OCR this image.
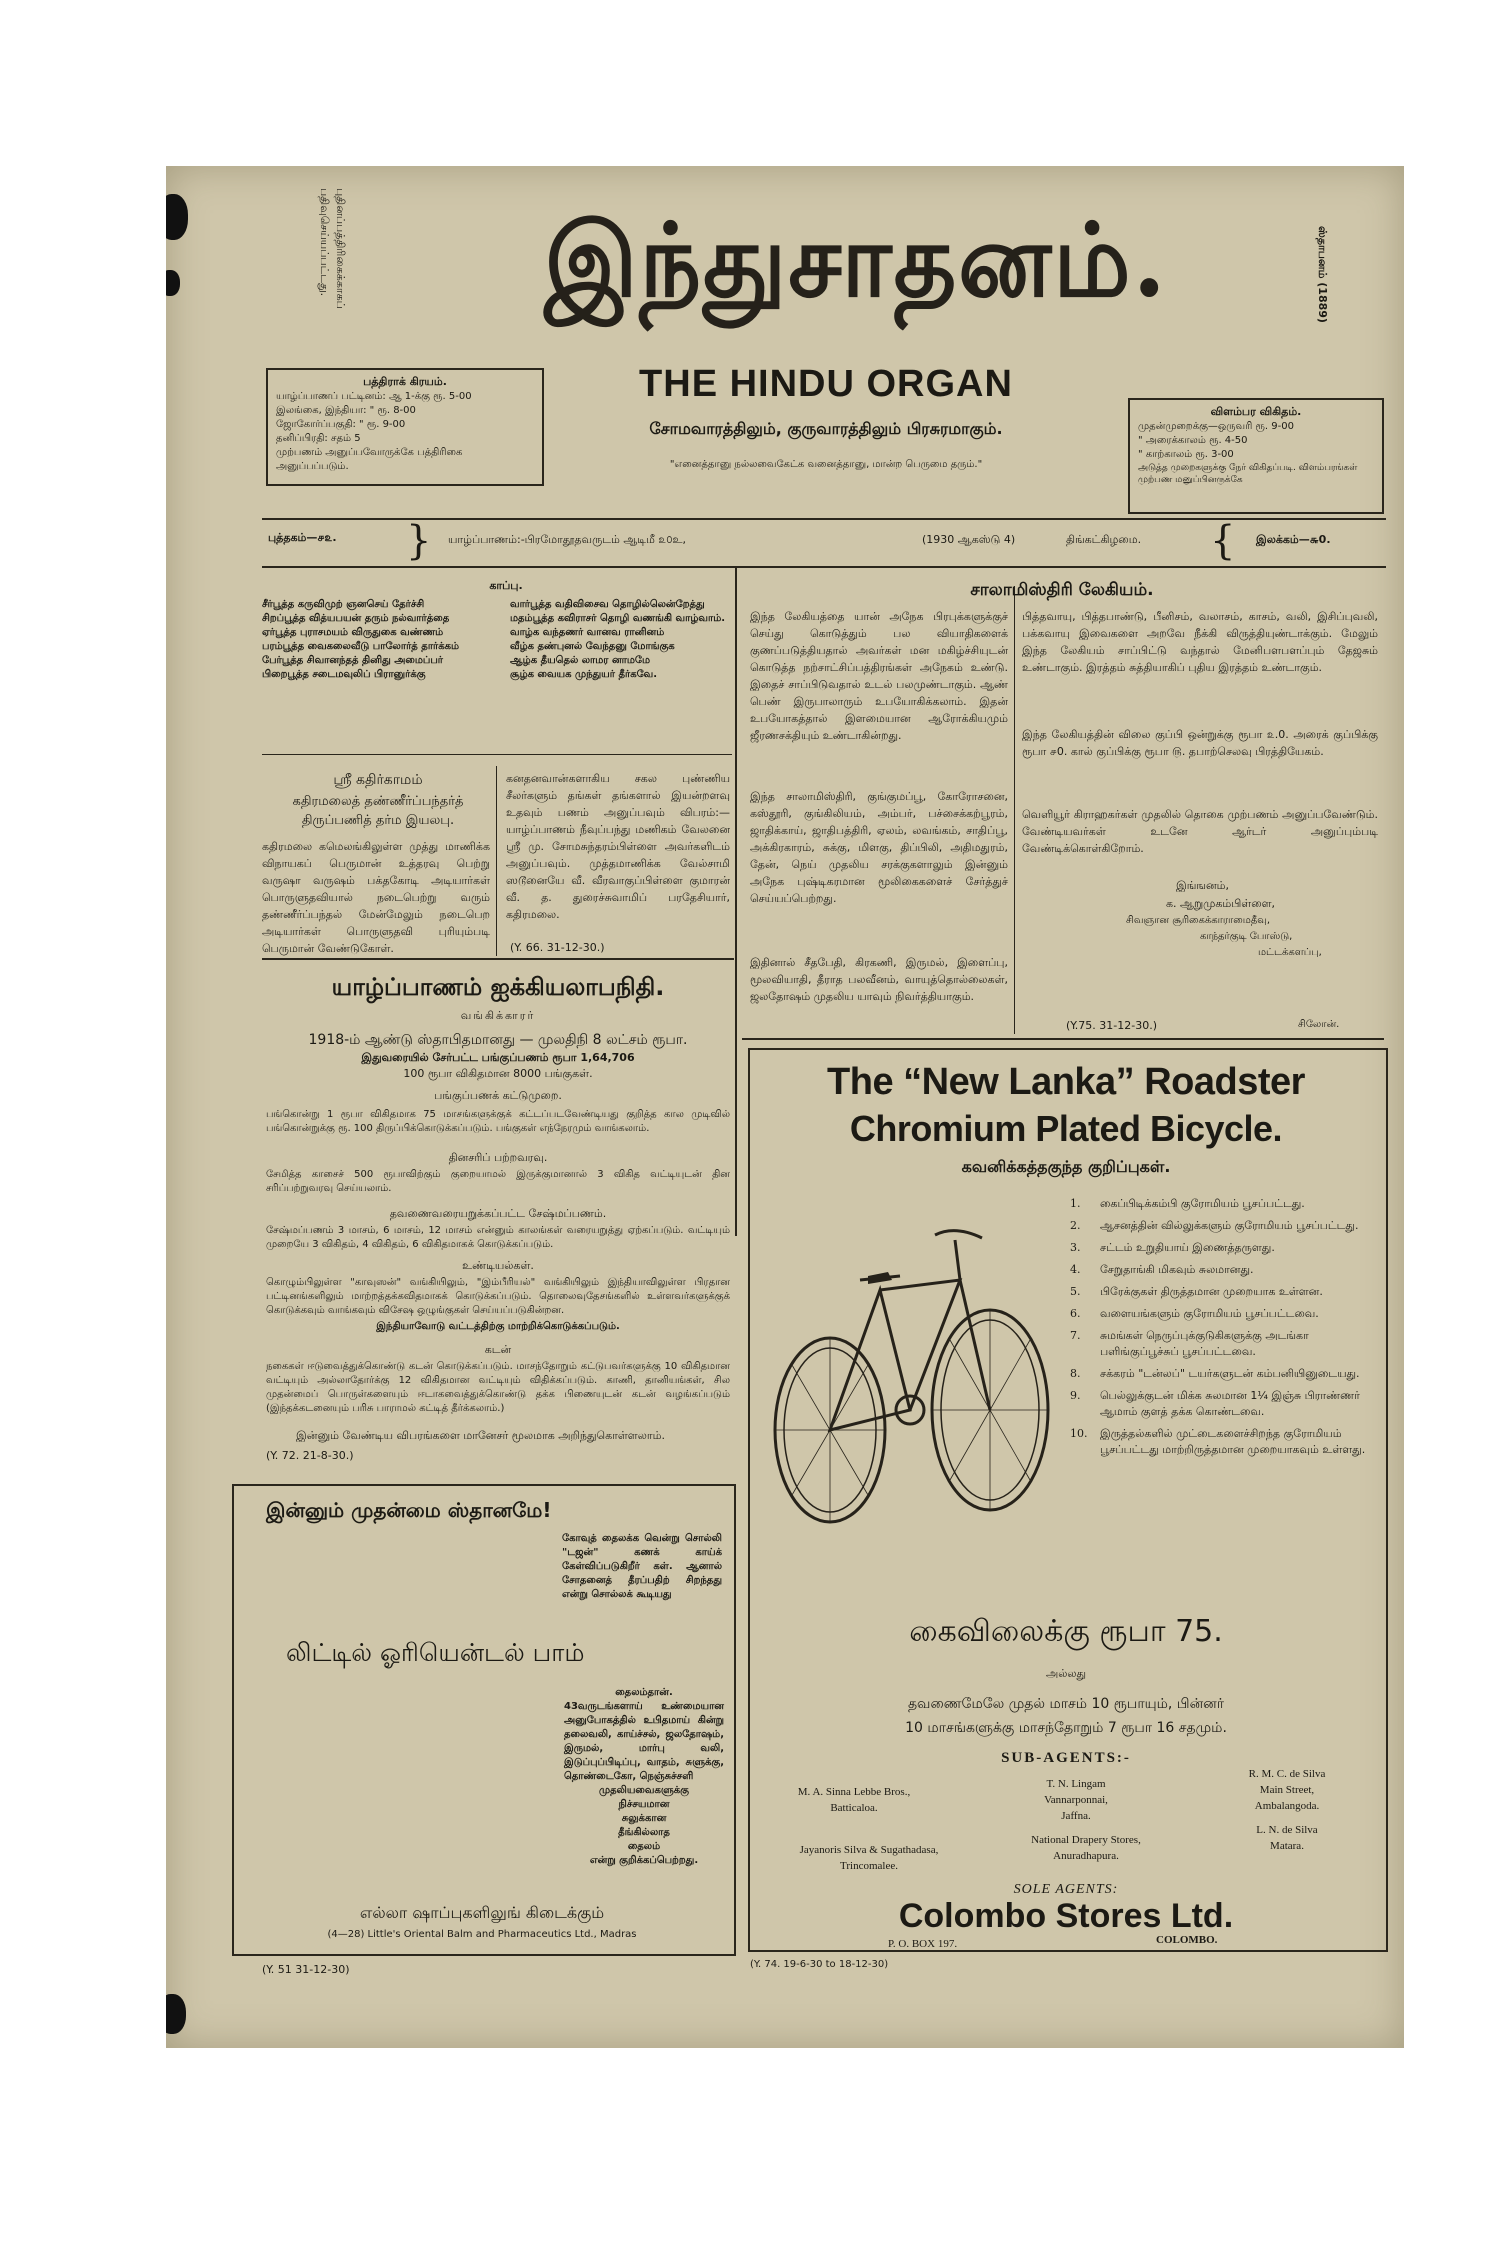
புதினப்பத்திரிகைக்காகப்
பதிவுசெய்யப்பட்டது.	ஸ்தாபனம் (1889)
இந்துசாதனம்.
THE HINDU ORGAN
சோமவாரத்திலும், குருவாரத்திலும் பிரசுரமாகும்.
"எனைத்தானு நல்லவைகேட்க வனைத்தானு, மான்ற பெருமை தரும்."
பத்திராக் கிரயம்.
யாழ்ப்பாணப் பட்டினம்: ஆ 1-க்கு ரூ. 5-00
இலங்கை, இந்தியா: " ரூ. 8-00
ஜோகோர்ப்பகுதி: " ரூ. 9-00
தனிப்பிரதி: சதம் 5
முற்பணம் அனுப்பவோருக்கே பத்திரிகை அனுப்பப்படும்.
விளம்பர விகிதம்.
முதன்முறைக்கு—ஒருவரி ரூ. 9-00
" அரைக்காலம் ரூ. 4-50
" காற்காலம் ரூ. 3-00
அடுத்த முறைகளுக்கு நேர் விகிதப்படி. விளம்பரங்கள் முற்பண மனுப்பினருக்கே
புத்தகம்—௪௨. } யாழ்ப்பாணம்:-பிரமோதூதவருடம் ஆடிமீ ௨௦உ,	(1930 ஆகஸ்டு 4)	திங்கட்கிழமை. { இலக்கம்—௬0.
காப்பு.
சீர்பூத்த கருவிமுற் ஞனசெய் தேர்ச்சி
சிறப்பூத்த வித்யபயன் தரும் நல்வார்த்தை
ஏர்பூத்த புராசமயம் விருதுகை வண்ணம்
பரம்பூத்த வைகலைவீடு பாலோர்த் தார்க்கம்
பேர்பூத்த சிவானந்தத் தினிது அமைப்பர்
பிறைபூத்த சடைமவுலிப் பிரானுர்க்கு
வார்பூத்த வதிவிசைவ தொழில்லென்றேத்து
மதம்பூத்த கவிராசர் தொழி வணங்கி வாழ்வாம்.
வாழ்க வந்தணர் வானவ ரானினம்
வீழ்க தண்புனல் வேந்தனு மோங்குக
ஆழ்க தீயதெல் லாமர னாமமே
சூழ்க வையக முந்துயர் தீர்கவே.
ஸ்ரீ கதிர்காமம்
கதிரமலைத் தண்ணீர்ப்பந்தர்த் திருப்பணித் தர்ம இயலபு.
கதிரமலை கமெலங்கிலுள்ள முத்து மாணிக்க விநாயகப் பெருமான் உத்தரவு பெற்று வருஷா வருஷம் பக்தகோடி அடியார்கள் பொருளுதவியால் நடைபெற்று வரும் தண்ணீர்ப்பந்தல் மேன்மேலும் நடைபெற அடியார்கள் பொருளுதவி புரியும்படி பெருமான் வேண்டுகோள்.
கனதனவான்களாகிய சகல புண்ணிய சீலர்களும் தங்கள் தங்களால் இயன்றளவு உதவும் பணம் அனுப்பவும் விபரம்:— யாழ்ப்பாணம் நீவுப்பந்து மணிகம் வேலனை ஸ்ரீ மு. சோமசுந்தரம்பிள்ளை அவர்களிடம் அனுப்பவும். முத்தமாணிக்க வேல்சாமி ஸடூனையே வீ. வீரவாகுப்பிள்ளை குமாரன் வீ. த. துரைச்சுவாமிப் பரதேசியார், கதிரமலை.
(Y. 66. 31-12-30.)
யாழ்ப்பாணம் ஐக்கியலாபநிதி.
வங்கிக்காரர்
1918-ம் ஆண்டு ஸ்தாபிதமானது — முலதிநி 8 லட்சம் ரூபா.
இதுவரையில் சேர்பட்ட பங்குப்பணம் ரூபா 1,64,706
100 ரூபா விகிதமான 8000 பங்குகள்.
பங்குப்பணக் கட்டுமுறை.
பங்கொன்று 1 ரூபா விகிதமாக 75 மாசங்களுக்குக் கட்டப்படவேண்டியது குறித்த கால முடிவில் பங்கொன்றுக்கு ரூ. 100 திருப்பிக்கொடுக்கப்படும். பங்குகள் எந்நேரமும் வாங்கலாம்.
தினசரிப் பற்றவரவு.
சேமித்த காசைச் 500 ரூபாவிற்கும் குறையாமல் இருக்குமானால் 3 விகித வட்டியுடன் தின சரிப்பற்றுவரவு செய்யலாம்.
தவணைவரையறுக்கப்பட்ட சேஷ்மப்பணம்.
சேஷ்மப்பணம் 3 மாசம், 6 மாசம், 12 மாசம் என்னும் காலங்கள் வரையறுத்து ஏற்கப்படும். வட்டியும் முறையே 3 விகிதம், 4 விகிதம், 6 விகிதமாகக் கொடுக்கப்படும்.
உண்டியல்கள்.
கொழும்பிலுள்ள "காவுஸன்" வங்கியிலும், "இம்பீரியல்" வங்கியிலும் இந்தியாவிலுள்ள பிரதான பட்டினங்களிலும் மாற்றத்தக்கவிதமாகக் கொடுக்கப்படும். தொலைவுதேசங்களில் உள்ளவர்களுக்குக் கொடுக்கவும் வாங்கவும் விசேஷ ஒழுங்குகள் செய்யப்படுகின்றன.
இந்தியாவோடு வட்டத்திற்கு மாற்றிக்கொடுக்கப்படும்.
கடன்
நகைகள் ஈடுவைத்துக்கொண்டு கடன் கொடுக்கப்படும். மாசந்தோறும் கட்டுபவர்களுக்கு 10 விகிதமான வட்டியும் அல்லாதோர்க்கு 12 விகிதமான வட்டியும் விதிக்கப்படும். காணி, தானியங்கள், சில முதன்மைப் பொருள்களையும் ஈடாகவைத்துக்கொண்டு தக்க பிணையுடன் கடன் வழங்கப்படும் (இந்தக்கடனையும் பரிசு பாராமல் கட்டித் தீர்க்கலாம்.)
இன்னும் வேண்டிய விபரங்களை மானேசர் மூலமாக அறிந்துகொள்ளலாம்.
(Y. 72. 21-8-30.)
இன்னும் முதன்மை ஸ்தானமே!
கோவுத் தைலக்க வென்று சொல்லி "டஜன்" கணக் காய்க் கேள்விப்படுகிறீர் கள். ஆனால் சோதனைத் தீரப்பதிற் சிறந்தது என்று சொல்லக் கூடியது
லிட்டில் ஓரியென்டல் பாம்
தைலம்தான்.
43வருடங்களாய் உண்மையான அனுபோகத்தில் உபிதமாய் கின்று தலைவலி, காய்ச்சல், ஜலதோஷம், இருமல், மார்பு வலி, இடுப்புப்பிடிப்பு, வாதம், சுளுக்கு, தொண்டைகோ, நெஞ்சுச்சளி
முதலியவைகளுக்கு
நிச்சயமான
சுலுக்கான
தீங்கில்லாத
தைலம்
என்று குறிக்கப்பெற்றது.
எல்லா ஷாப்புகளிலுங் கிடைக்கும்
(4—28) Little's Oriental Balm and Pharmaceutics Ltd., Madras
(Y. 51 31-12-30)
சாலாமிஸ்திரி லேகியம்.
இந்த லேகியத்தை யான் அநேக பிரபுக்களுக்குச் செய்து கொடுத்தும் பல வியாதிகளைக் குணப்படுத்தியதால் அவர்கள் மன மகிழ்ச்சியுடன் கொடுத்த நற்சாட்சிப்பத்திரங்கள் அநேகம் உண்டு. இதைச் சாப்பிடுவதால் உடல் பலமுண்டாகும். ஆண் பெண் இருபாலாரும் உபயோகிக்கலாம். இதன் உபயோகத்தால் இளமையான ஆரோக்கியமும் ஜீரணசக்தியும் உண்டாகின்றது.
இந்த சாலாமிஸ்திரி, குங்குமப்பூ, கோரோசனை, கஸ்தூரி, குங்கிலியம், அம்பர், பச்சைக்கற்பூரம், ஜாதிக்காய், ஜாதிபத்திரி, ஏலம், லவங்கம், சாதிப்பூ, அக்கிரகாரம், சுக்கு, மிளகு, திப்பிலி, அதிமதுரம், தேன், நெய் முதலிய சரக்குகளாலும் இன்னும் அநேக புஷ்டிகரமான மூலிகைகளைச் சேர்த்துச் செய்யப்பெற்றது.
இதினால் சீதபேதி, கிரகணி, இருமல், இளைப்பு, மூலவியாதி, தீராத பலவீனம், வாயுத்தொல்லைகள், ஜலதோஷம் முதலிய யாவும் நிவர்த்தியாகும்.
(Y.75. 31-12-30.)
பித்தவாயு, பித்தபாண்டு, பீனிசம், வலாசம், காசம், வலி, இசிப்புவலி, பக்கவாயு இவைகளை அறவே நீக்கி விருத்தியுண்டாக்கும். மேலும் இந்த லேகியம் சாப்பிட்டு வந்தால் மேனிபளபளப்பும் தேஜசும் உண்டாகும். இரத்தம் சுத்தியாகிப் புதிய இரத்தம் உண்டாகும்.
இந்த லேகியத்தின் விலை குப்பி ஒன்றுக்கு ரூபா ௨.0. அரைக் குப்பிக்கு ரூபா ௪0. கால் குப்பிக்கு ரூபா ௫. தபாற்செலவு பிரத்தியேகம்.
வெளியூர் கிராஹகர்கள் முதலில் தொகை முற்பணம் அனுப்பவேண்டும். வேண்டியவர்கள் உடனே ஆர்டர் அனுப்பும்படி வேண்டிக்கொள்கிறோம்.
இங்ஙனம்,
க. ஆறுமுகம்பிள்ளை,
சிவஞான சூரிகைக்காராமைதீவு,
காந்தர்குடி போஸ்டு,
மட்டக்களப்பு,
சிலோன்.
The “New Lanka” Roadster
Chromium Plated Bicycle.
கவனிக்கத்தகுந்த குறிப்புகள்.
1.	கைப்பிடிக்கம்பி குரோமியம் பூசப்பட்டது.
2.	ஆசனத்தின் வில்லுக்களும் குரோமியம் பூசப்பட்டது.
3.	சட்டம் உறுதியாய் இணைத்தருளது.
4.	சேறுதாங்கி மிகவும் சுலமானது.
5.	பிரேக்குகள் திருத்தமான முறையாக உள்ளன.
6.	வளையங்களும் குரோமியம் பூசப்பட்டவை.
7.	சுமங்கள் நெருப்புக்குடுகிகளுக்கு அடங்கா பளிங்குப்பூச்சுப் பூசப்பட்டவை.
8.	சக்கரம் "டன்லப்" டயர்களுடன் கம்பனியினுடையது.
9.	பெல்லுக்குடன் மிக்க சுலமான 1¼ இஞ்சு பிராண்ணர் ஆமாம் குளத் தக்க கொண்டவை.
10.	இருத்தல்களில் முட்டைகளைச்சிறந்த குரோமியம் பூசப்பட்டது மாற்றிருத்தமான முறையாகவும் உள்ளது.
கைவிலைக்கு ரூபா 75.
அல்லது
தவணைமேலே முதல் மாசம் 10 ரூபாயும், பின்னர்
10 மாசங்களுக்கு மாசந்தோறும் 7 ரூபா 16 சதமும்.
SUB-AGENTS:-
M. A. Sinna Lebbe Bros.,
Batticaloa.
T. N. Lingam
Vannarponnai,
Jaffna.
R. M. C. de Silva
Main Street,
Ambalangoda.
Jayanoris Silva & Sugathadasa,
Trincomalee.
National Drapery Stores,
Anuradhapura.
L. N. de Silva
Matara.
SOLE AGENTS:
Colombo Stores Ltd.
P. O. BOX 197.	COLOMBO.
(Y. 74. 19-6-30 to 18-12-30)
